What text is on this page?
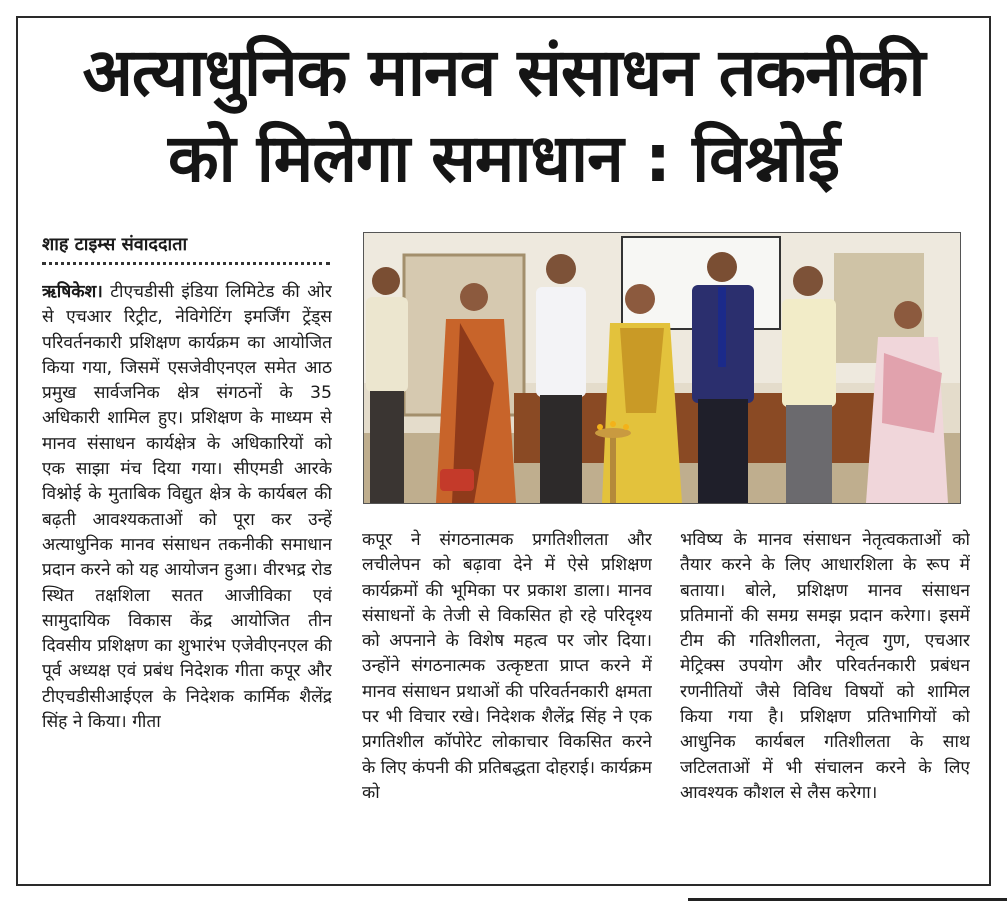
अत्याधुनिक मानव संसाधन तकनीकी
को मिलेगा समाधान : विश्नोई
शाह टाइम्स संवाददाता
ऋषिकेश। टीएचडीसी इंडिया लिमिटेड की ओर से एचआर रिट्रीट, नेविगेटिंग इमर्जिंग ट्रेंड्स परिवर्तनकारी प्रशिक्षण कार्यक्रम का आयोजित किया गया, जिसमें एसजेवीएनएल समेत आठ प्रमुख सार्वजनिक क्षेत्र संगठनों के 35 अधिकारी शामिल हुए। प्रशिक्षण के माध्यम से मानव संसाधन कार्यक्षेत्र के अधिकारियों को एक साझा मंच दिया गया। सीएमडी आरके विश्नोई के मुताबिक विद्युत क्षेत्र के कार्यबल की बढ़ती आवश्यकताओं को पूरा कर उन्हें अत्याधुनिक मानव संसाधन तकनीकी समाधान प्रदान करने को यह आयोजन हुआ। वीरभद्र रोड स्थित तक्षशिला सतत आजीविका एवं सामुदायिक विकास केंद्र आयोजित तीन दिवसीय प्रशिक्षण का शुभारंभ एजेवीएनएल की पूर्व अध्यक्ष एवं प्रबंध निदेशक गीता कपूर और टीएचडीसीआईएल के निदेशक कार्मिक शैलेंद्र सिंह ने किया। गीता
कपूर ने संगठनात्मक प्रगतिशीलता और लचीलेपन को बढ़ावा देने में ऐसे प्रशिक्षण कार्यक्रमों की भूमिका पर प्रकाश डाला। मानव संसाधनों के तेजी से विकसित हो रहे परिदृश्य को अपनाने के विशेष महत्व पर जोर दिया। उन्होंने संगठनात्मक उत्कृष्टता प्राप्त करने में मानव संसाधन प्रथाओं की परिवर्तनकारी क्षमता पर भी विचार रखे। निदेशक शैलेंद्र सिंह ने एक प्रगतिशील कॉपोरेट लोकाचार विकसित करने के लिए कंपनी की प्रतिबद्धता दोहराई। कार्यक्रम को
भविष्य के मानव संसाधन नेतृत्वकताओं को तैयार करने के लिए आधारशिला के रूप में बताया। बोले, प्रशिक्षण मानव संसाधन प्रतिमानों की समग्र समझ प्रदान करेगा। इसमें टीम की गतिशीलता, नेतृत्व गुण, एचआर मेट्रिक्स उपयोग और परिवर्तनकारी प्रबंधन रणनीतियों जैसे विविध विषयों को शामिल किया गया है। प्रशिक्षण प्रतिभागियों को आधुनिक कार्यबल गतिशीलता के साथ जटिलताओं में भी संचालन करने के लिए आवश्यक कौशल से लैस करेगा।
